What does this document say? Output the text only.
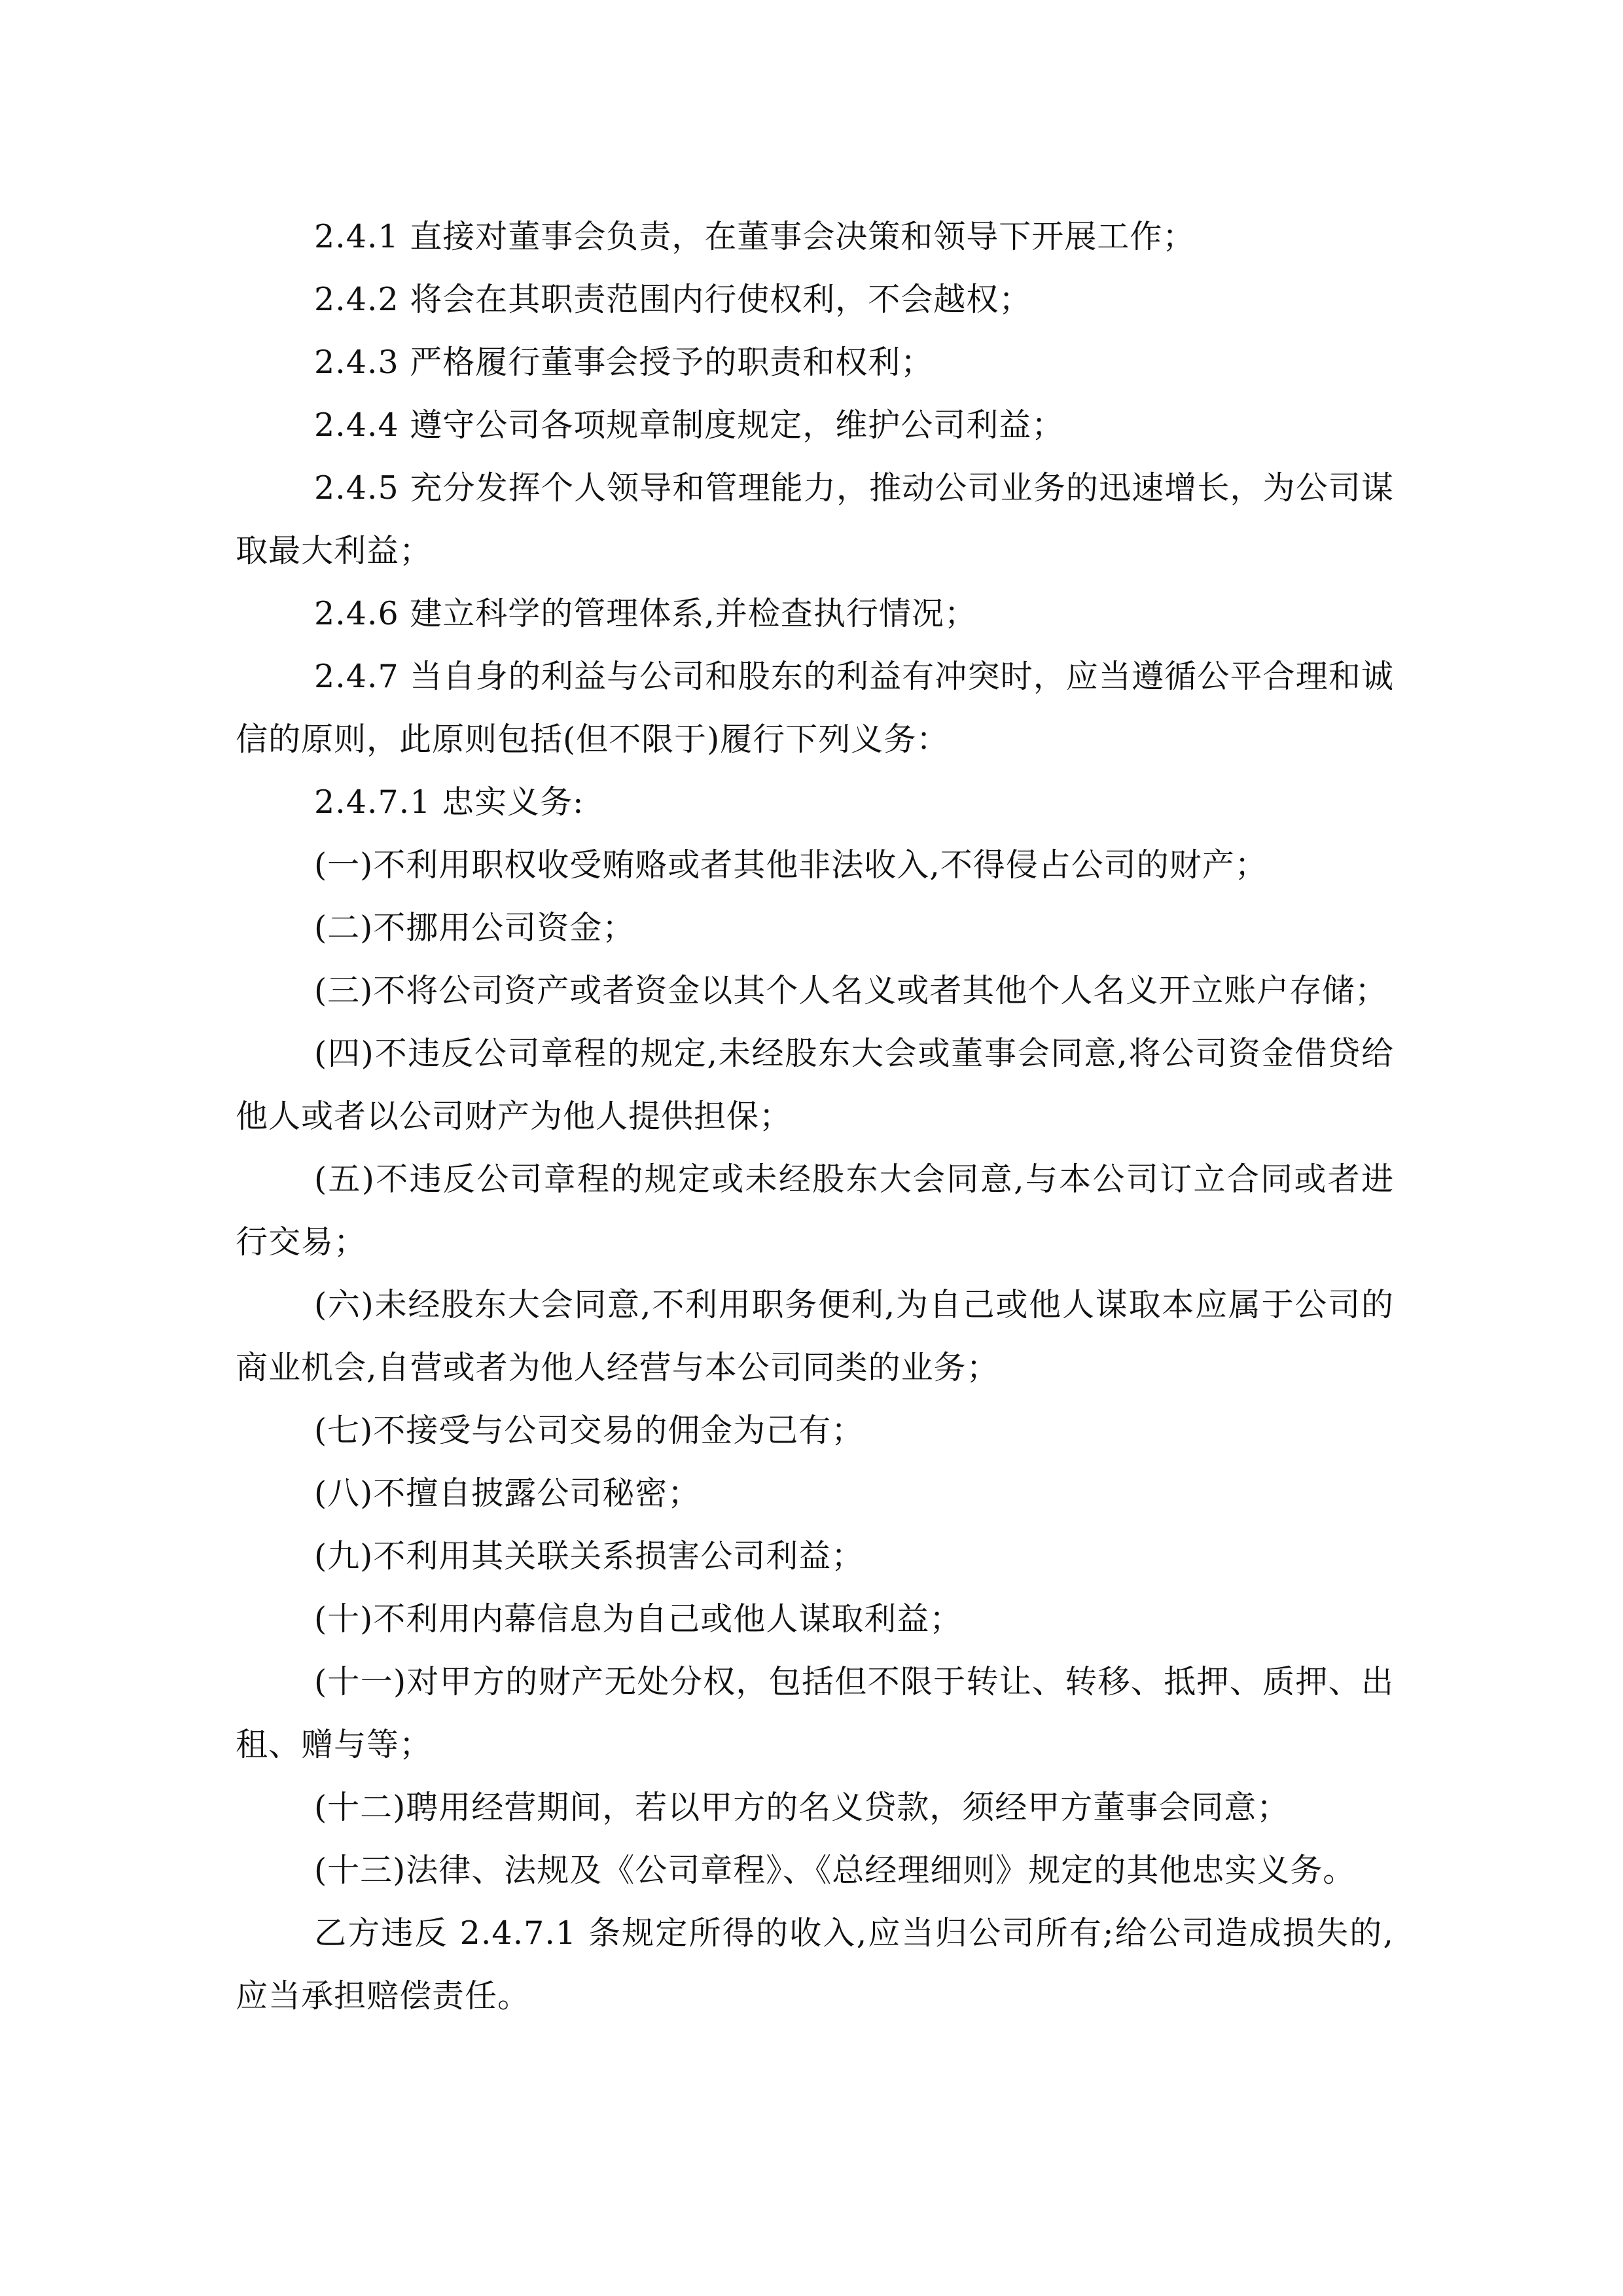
2.4.1 直接对董事会负责，在董事会决策和领导下开展工作；

2.4.2 将会在其职责范围内行使权利，不会越权；

2.4.3 严格履行董事会授予的职责和权利；

2.4.4 遵守公司各项规章制度规定，维护公司利益；

2.4.5 充分发挥个人领导和管理能力，推动公司业务的迅速增长，为公司谋取最大利益；

2.4.6 建立科学的管理体系,并检查执行情况；

2.4.7 当自身的利益与公司和股东的利益有冲突时，应当遵循公平合理和诚信的原则，此原则包括(但不限于)履行下列义务：

2.4.7.1 忠实义务:

(一)不利用职权收受贿赂或者其他非法收入,不得侵占公司的财产；

(二)不挪用公司资金；

(三)不将公司资产或者资金以其个人名义或者其他个人名义开立账户存储；

(四)不违反公司章程的规定,未经股东大会或董事会同意,将公司资金借贷给他人或者以公司财产为他人提供担保；

(五)不违反公司章程的规定或未经股东大会同意,与本公司订立合同或者进行交易；

(六)未经股东大会同意,不利用职务便利,为自己或他人谋取本应属于公司的商业机会,自营或者为他人经营与本公司同类的业务；

(七)不接受与公司交易的佣金为己有；

(八)不擅自披露公司秘密；

(九)不利用其关联关系损害公司利益；

(十)不利用内幕信息为自己或他人谋取利益；

(十一)对甲方的财产无处分权，包括但不限于转让、转移、抵押、质押、出租、赠与等；

(十二)聘用经营期间，若以甲方的名义贷款，须经甲方董事会同意；

(十三)法律、法规及《公司章程》、《总经理细则》规定的其他忠实义务。

乙方违反 2.4.7.1 条规定所得的收入,应当归公司所有;给公司造成损失的,应当承担赔偿责任。
